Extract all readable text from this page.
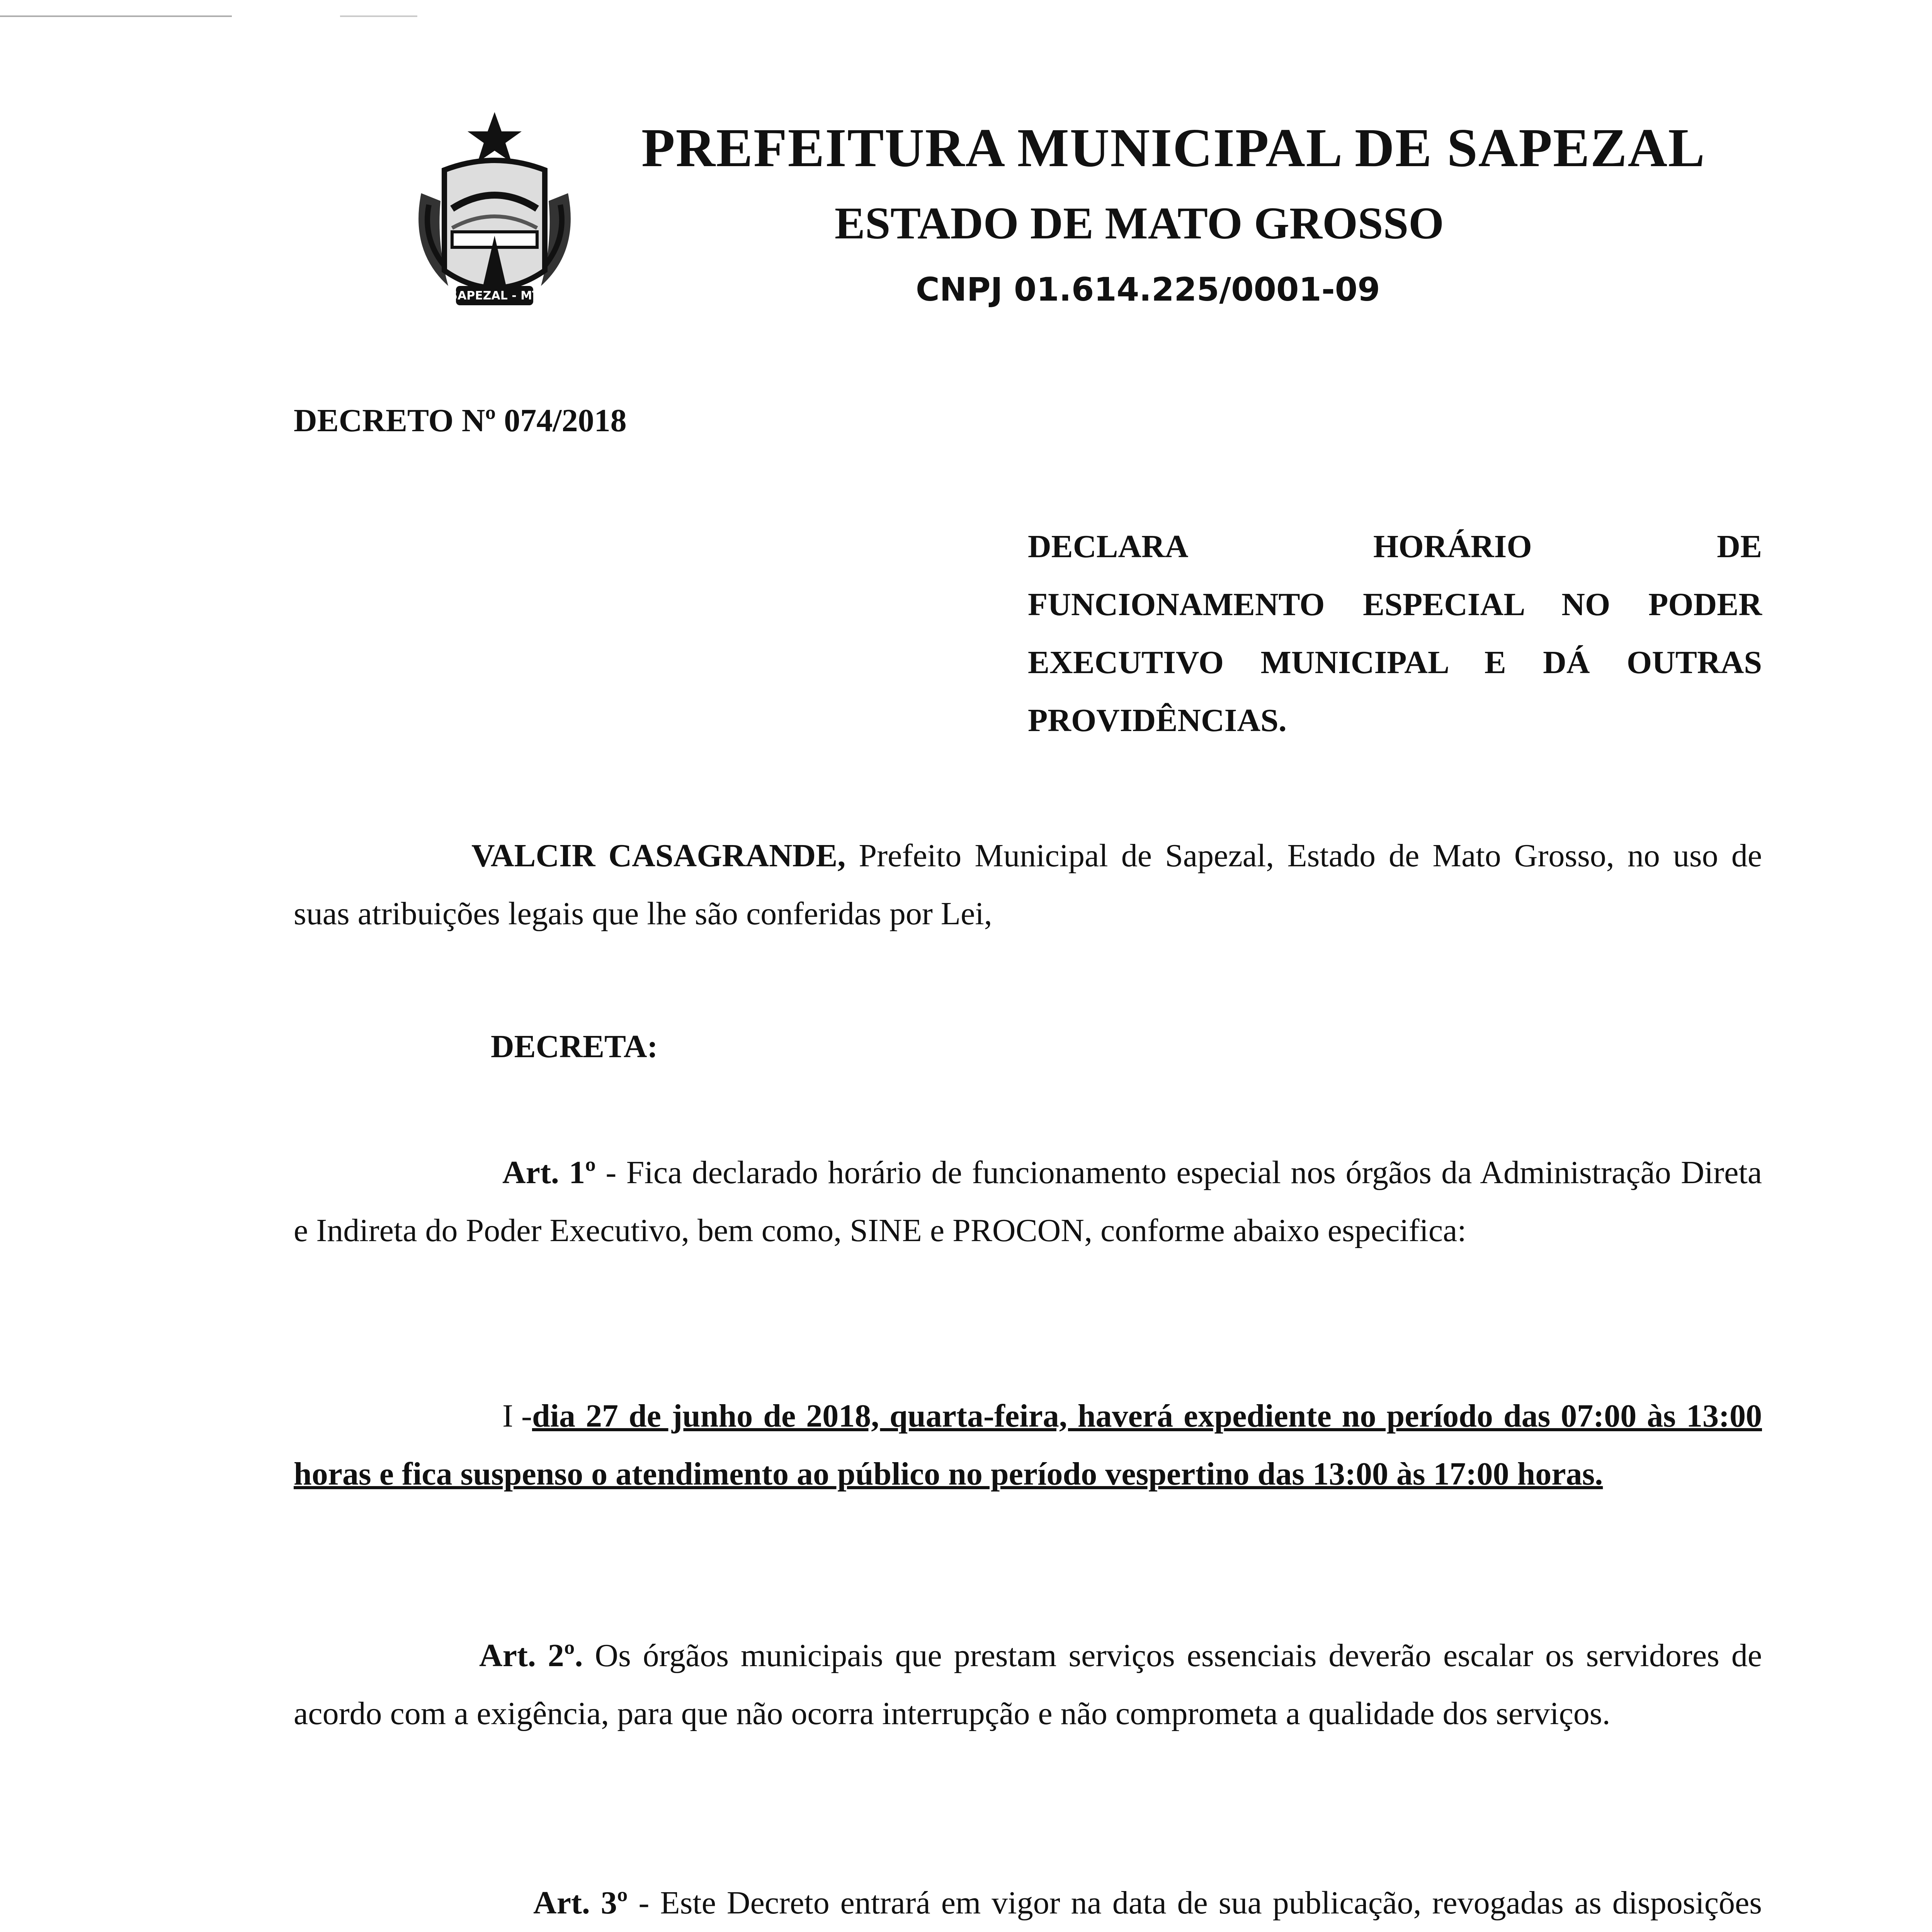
SAPEZAL - MT
PREFEITURA MUNICIPAL DE SAPEZAL
ESTADO DE MATO GROSSO
CNPJ 01.614.225/0001-09
DECRETO Nº 074/2018
DECLARA	HORÁRIO	DE
FUNCIONAMENTO ESPECIAL NO PODER EXECUTIVO MUNICIPAL E DÁ OUTRAS PROVIDÊNCIAS.
VALCIR CASAGRANDE, Prefeito Municipal de Sapezal, Estado de Mato Grosso, no uso de suas atribuições legais que lhe são conferidas por Lei,
DECRETA:
Art. 1º - Fica declarado horário de funcionamento especial nos órgãos da Administração Direta e Indireta do Poder Executivo, bem como, SINE e PROCON, conforme abaixo especifica:
I -dia 27 de junho de 2018, quarta-feira, haverá expediente no período das 07:00 às 13:00 horas e fica suspenso o atendimento ao público no período vespertino das 13:00 às 17:00 horas.
Art. 2º. Os órgãos municipais que prestam serviços essenciais deverão escalar os servidores de acordo com a exigência, para que não ocorra interrupção e não comprometa a qualidade dos serviços.
Art. 3º - Este Decreto entrará em vigor na data de sua publicação, revogadas as disposições
